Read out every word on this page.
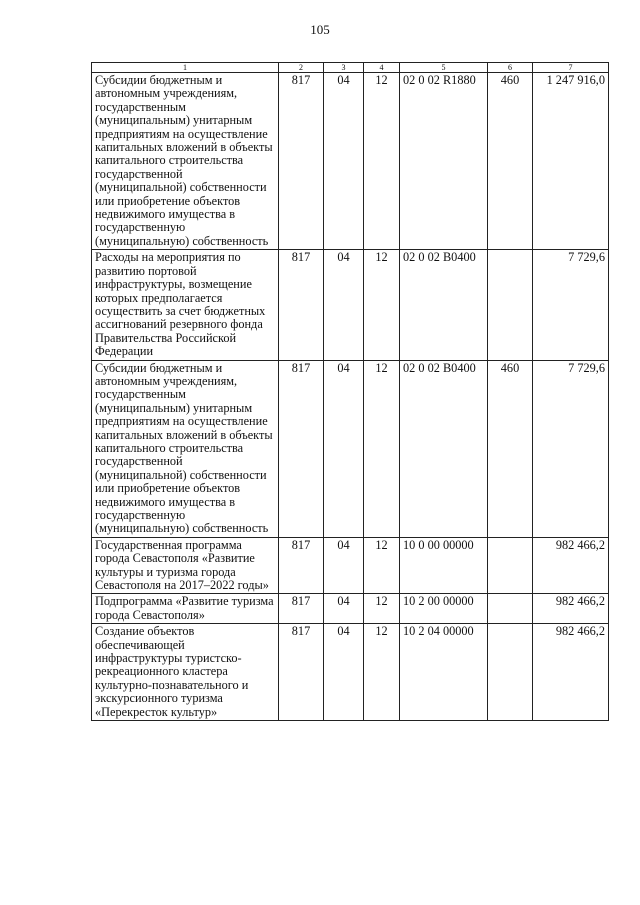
105
1	2	3	4	5	6	7
Субсидии бюджетным и автономным учреждениям, государственным (муниципальным) унитарным предприятиям на осуществление капитальных вложений в объекты капитального строительства государственной (муниципальной) собственности или приобретение объектов недвижимого имущества в государственную (муниципальную) собственность	817	04	12	02 0 02 R1880	460	1 247 916,0
Расходы на мероприятия по развитию портовой инфраструктуры, возмещение которых предполагается осуществить за счет бюджетных ассигнований резервного фонда Правительства Российской Федерации	817	04	12	02 0 02 B0400		7 729,6
Субсидии бюджетным и автономным учреждениям, государственным (муниципальным) унитарным предприятиям на осуществление капитальных вложений в объекты капитального строительства государственной (муниципальной) собственности или приобретение объектов недвижимого имущества в государственную (муниципальную) собственность	817	04	12	02 0 02 B0400	460	7 729,6
Государственная программа города Севастополя «Развитие культуры и туризма города Севастополя на 2017–2022 годы»	817	04	12	10 0 00 00000		982 466,2
Подпрограмма «Развитие туризма города Севастополя»	817	04	12	10 2 00 00000		982 466,2
Создание объектов обеспечивающей инфраструктуры туристско-рекреационного кластера культурно-познавательного и экскурсионного туризма «Перекресток культур»	817	04	12	10 2 04 00000		982 466,2
